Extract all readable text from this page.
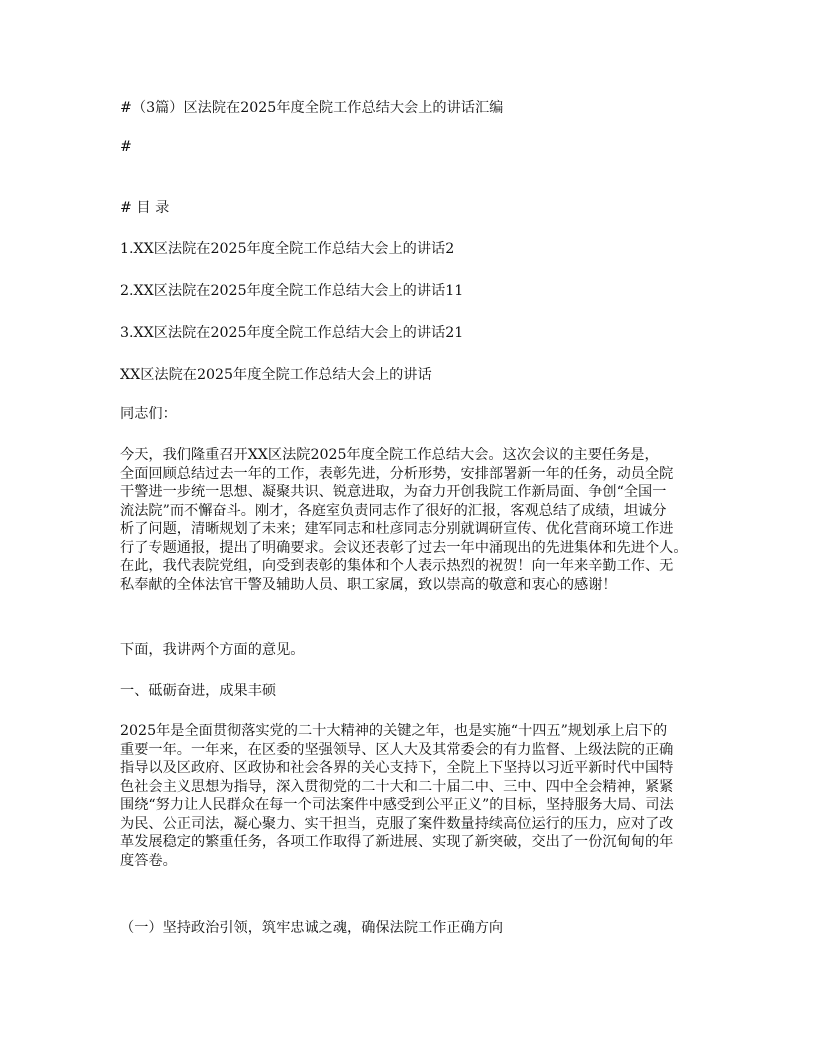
#（3篇）区法院在2025年度全院工作总结大会上的讲话汇编
#
# 目 录
1.XX区法院在2025年度全院工作总结大会上的讲话2
2.XX区法院在2025年度全院工作总结大会上的讲话11
3.XX区法院在2025年度全院工作总结大会上的讲话21
XX区法院在2025年度全院工作总结大会上的讲话
同志们：
今天，我们隆重召开XX区法院2025年度全院工作总结大会。这次会议的主要任务是，
全面回顾总结过去一年的工作，表彰先进，分析形势，安排部署新一年的任务，动员全院
干警进一步统一思想、凝聚共识、锐意进取，为奋力开创我院工作新局面、争创“全国一
流法院”而不懈奋斗。刚才，各庭室负责同志作了很好的汇报，客观总结了成绩，坦诚分
析了问题，清晰规划了未来；建军同志和杜彦同志分别就调研宣传、优化营商环境工作进
行了专题通报，提出了明确要求。会议还表彰了过去一年中涌现出的先进集体和先进个人。
在此，我代表院党组，向受到表彰的集体和个人表示热烈的祝贺！向一年来辛勤工作、无
私奉献的全体法官干警及辅助人员、职工家属，致以崇高的敬意和衷心的感谢！
下面，我讲两个方面的意见。
一、砥砺奋进，成果丰硕
2025年是全面贯彻落实党的二十大精神的关键之年，也是实施“十四五”规划承上启下的
重要一年。一年来，在区委的坚强领导、区人大及其常委会的有力监督、上级法院的正确
指导以及区政府、区政协和社会各界的关心支持下，全院上下坚持以习近平新时代中国特
色社会主义思想为指导，深入贯彻党的二十大和二十届二中、三中、四中全会精神，紧紧
围绕“努力让人民群众在每一个司法案件中感受到公平正义”的目标，坚持服务大局、司法
为民、公正司法，凝心聚力、实干担当，克服了案件数量持续高位运行的压力，应对了改
革发展稳定的繁重任务，各项工作取得了新进展、实现了新突破，交出了一份沉甸甸的年
度答卷。
（一）坚持政治引领，筑牢忠诚之魂，确保法院工作正确方向
